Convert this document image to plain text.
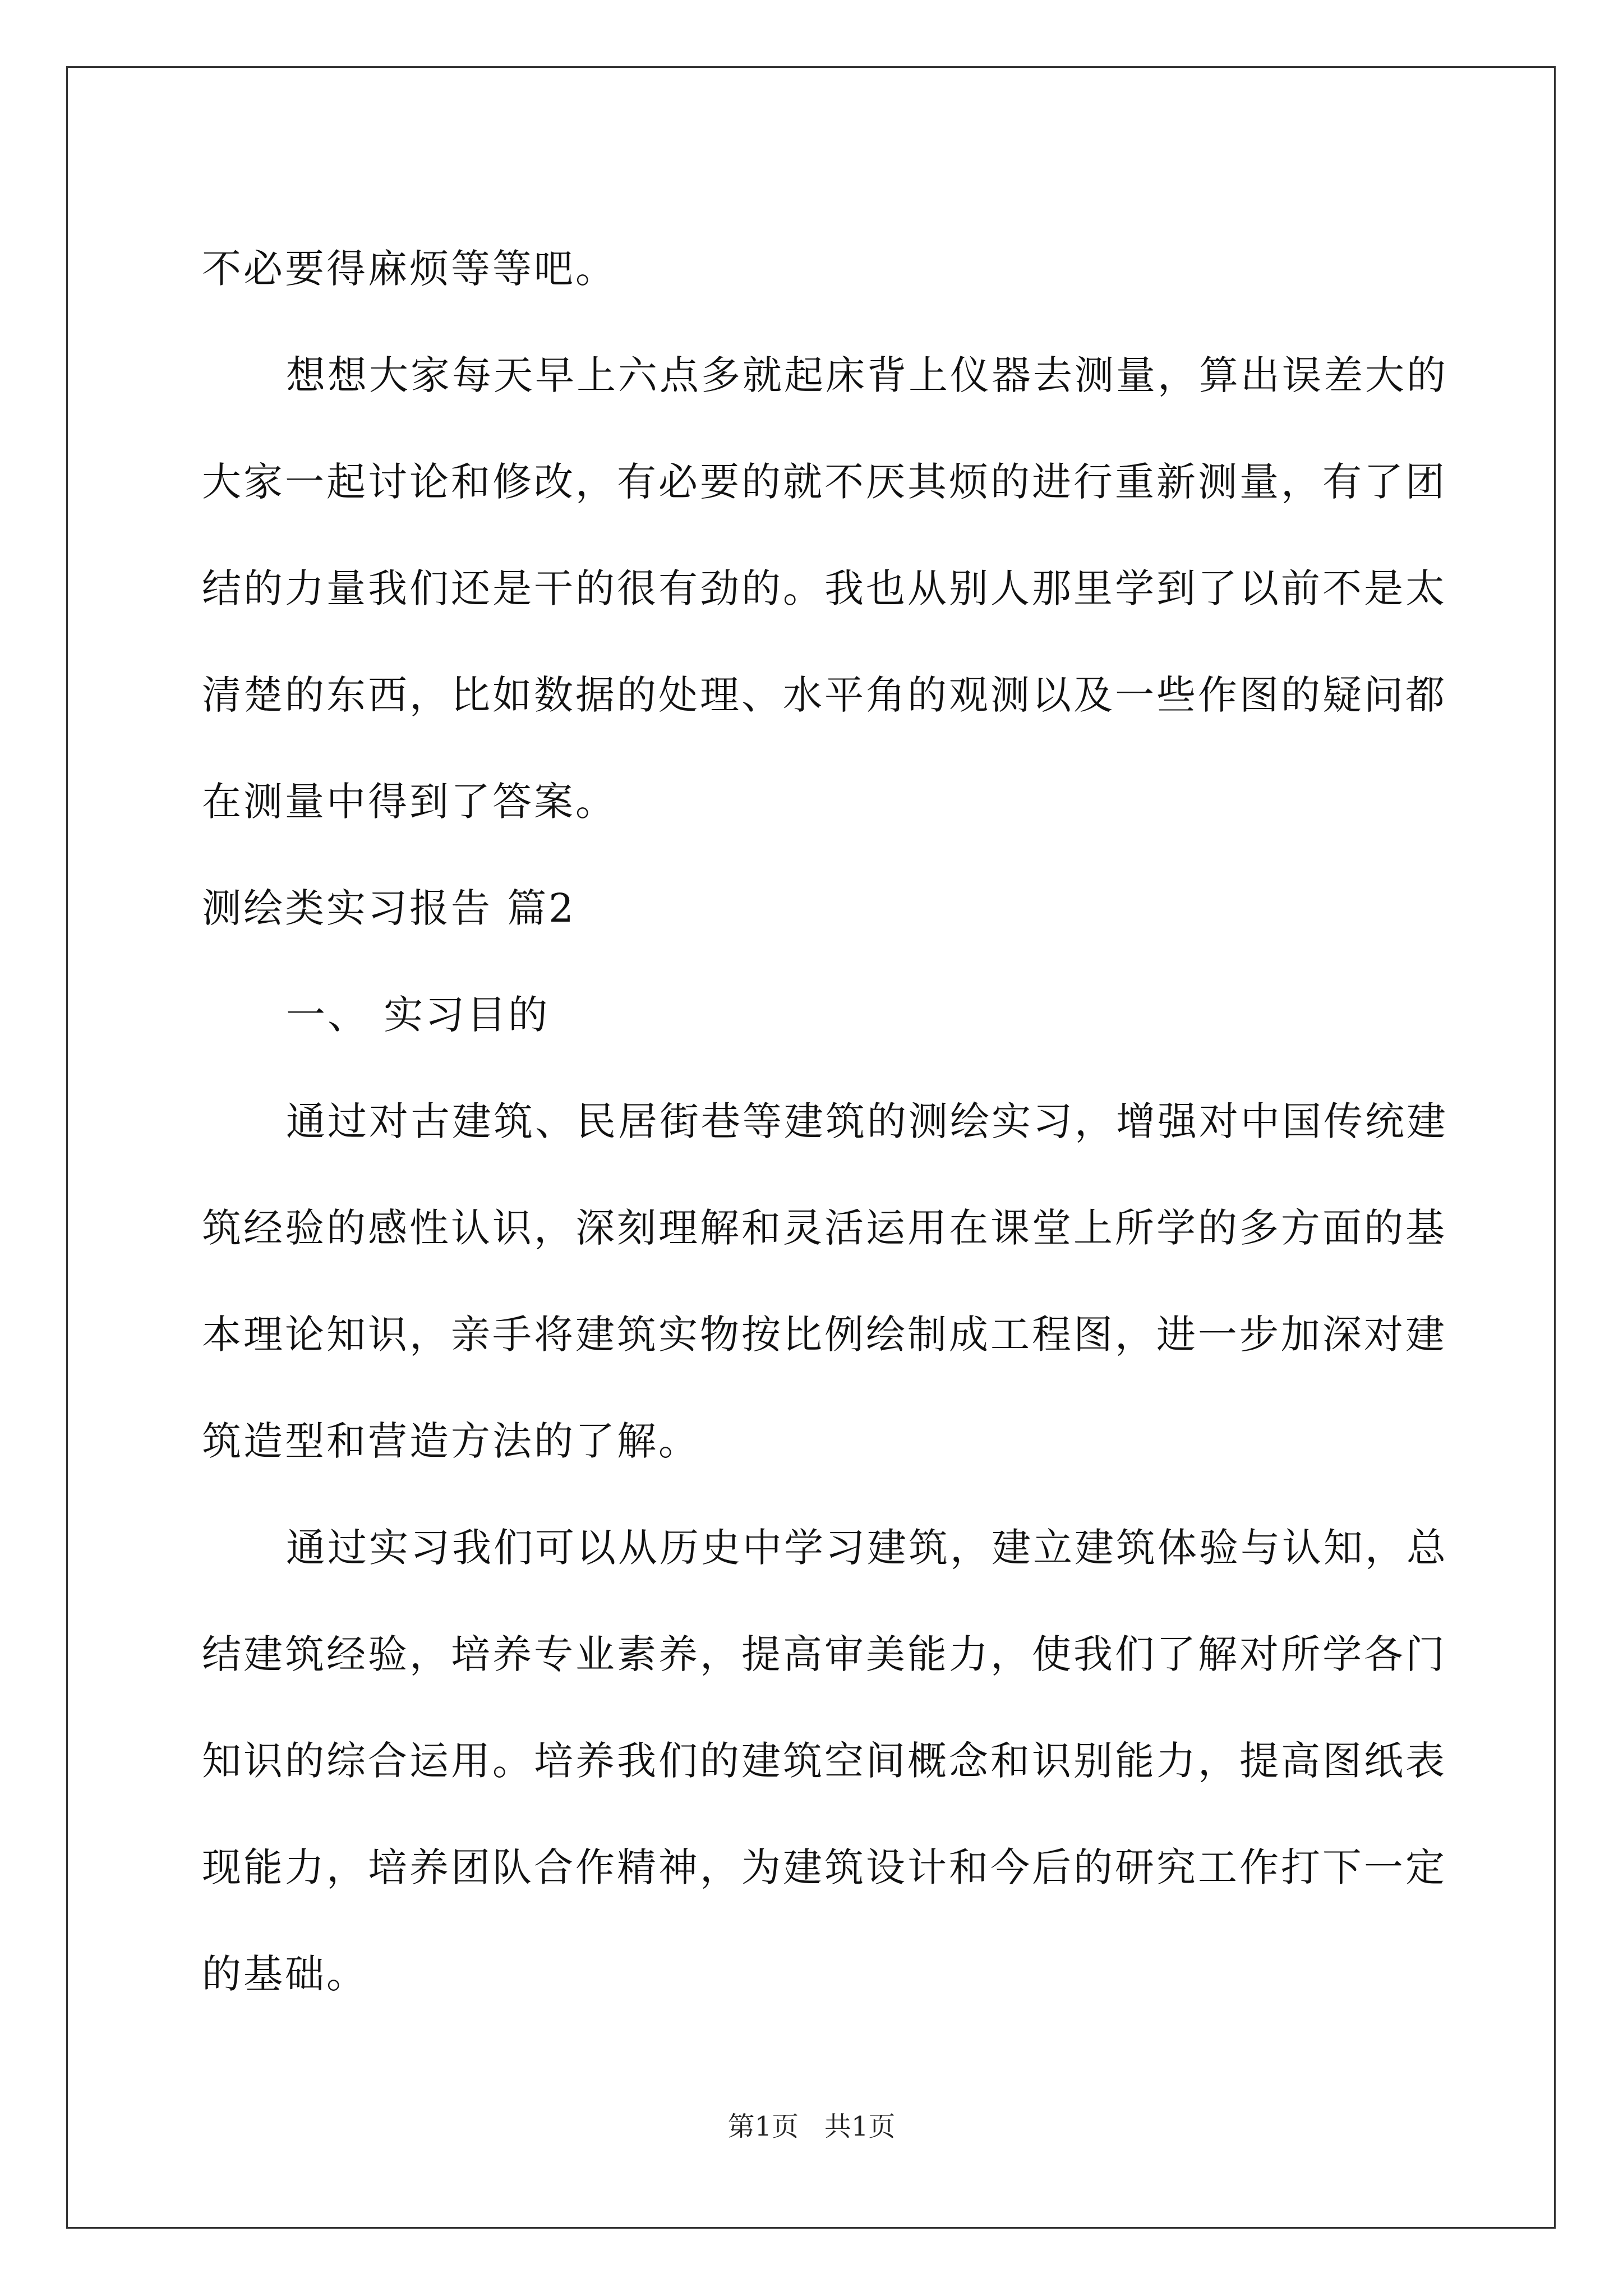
不必要得麻烦等等吧。
想想大家每天早上六点多就起床背上仪器去测量，算出误差大的
大家一起讨论和修改，有必要的就不厌其烦的进行重新测量，有了团
结的力量我们还是干的很有劲的。我也从别人那里学到了以前不是太
清楚的东西，比如数据的处理、水平角的观测以及一些作图的疑问都
在测量中得到了答案。
测绘类实习报告 篇2
一、 实习目的
通过对古建筑、民居街巷等建筑的测绘实习，增强对中国传统建
筑经验的感性认识，深刻理解和灵活运用在课堂上所学的多方面的基
本理论知识，亲手将建筑实物按比例绘制成工程图，进一步加深对建
筑造型和营造方法的了解。
通过实习我们可以从历史中学习建筑，建立建筑体验与认知，总
结建筑经验，培养专业素养，提高审美能力，使我们了解对所学各门
知识的综合运用。培养我们的建筑空间概念和识别能力，提高图纸表
现能力，培养团队合作精神，为建筑设计和今后的研究工作打下一定
的基础。
第1页   共1页
